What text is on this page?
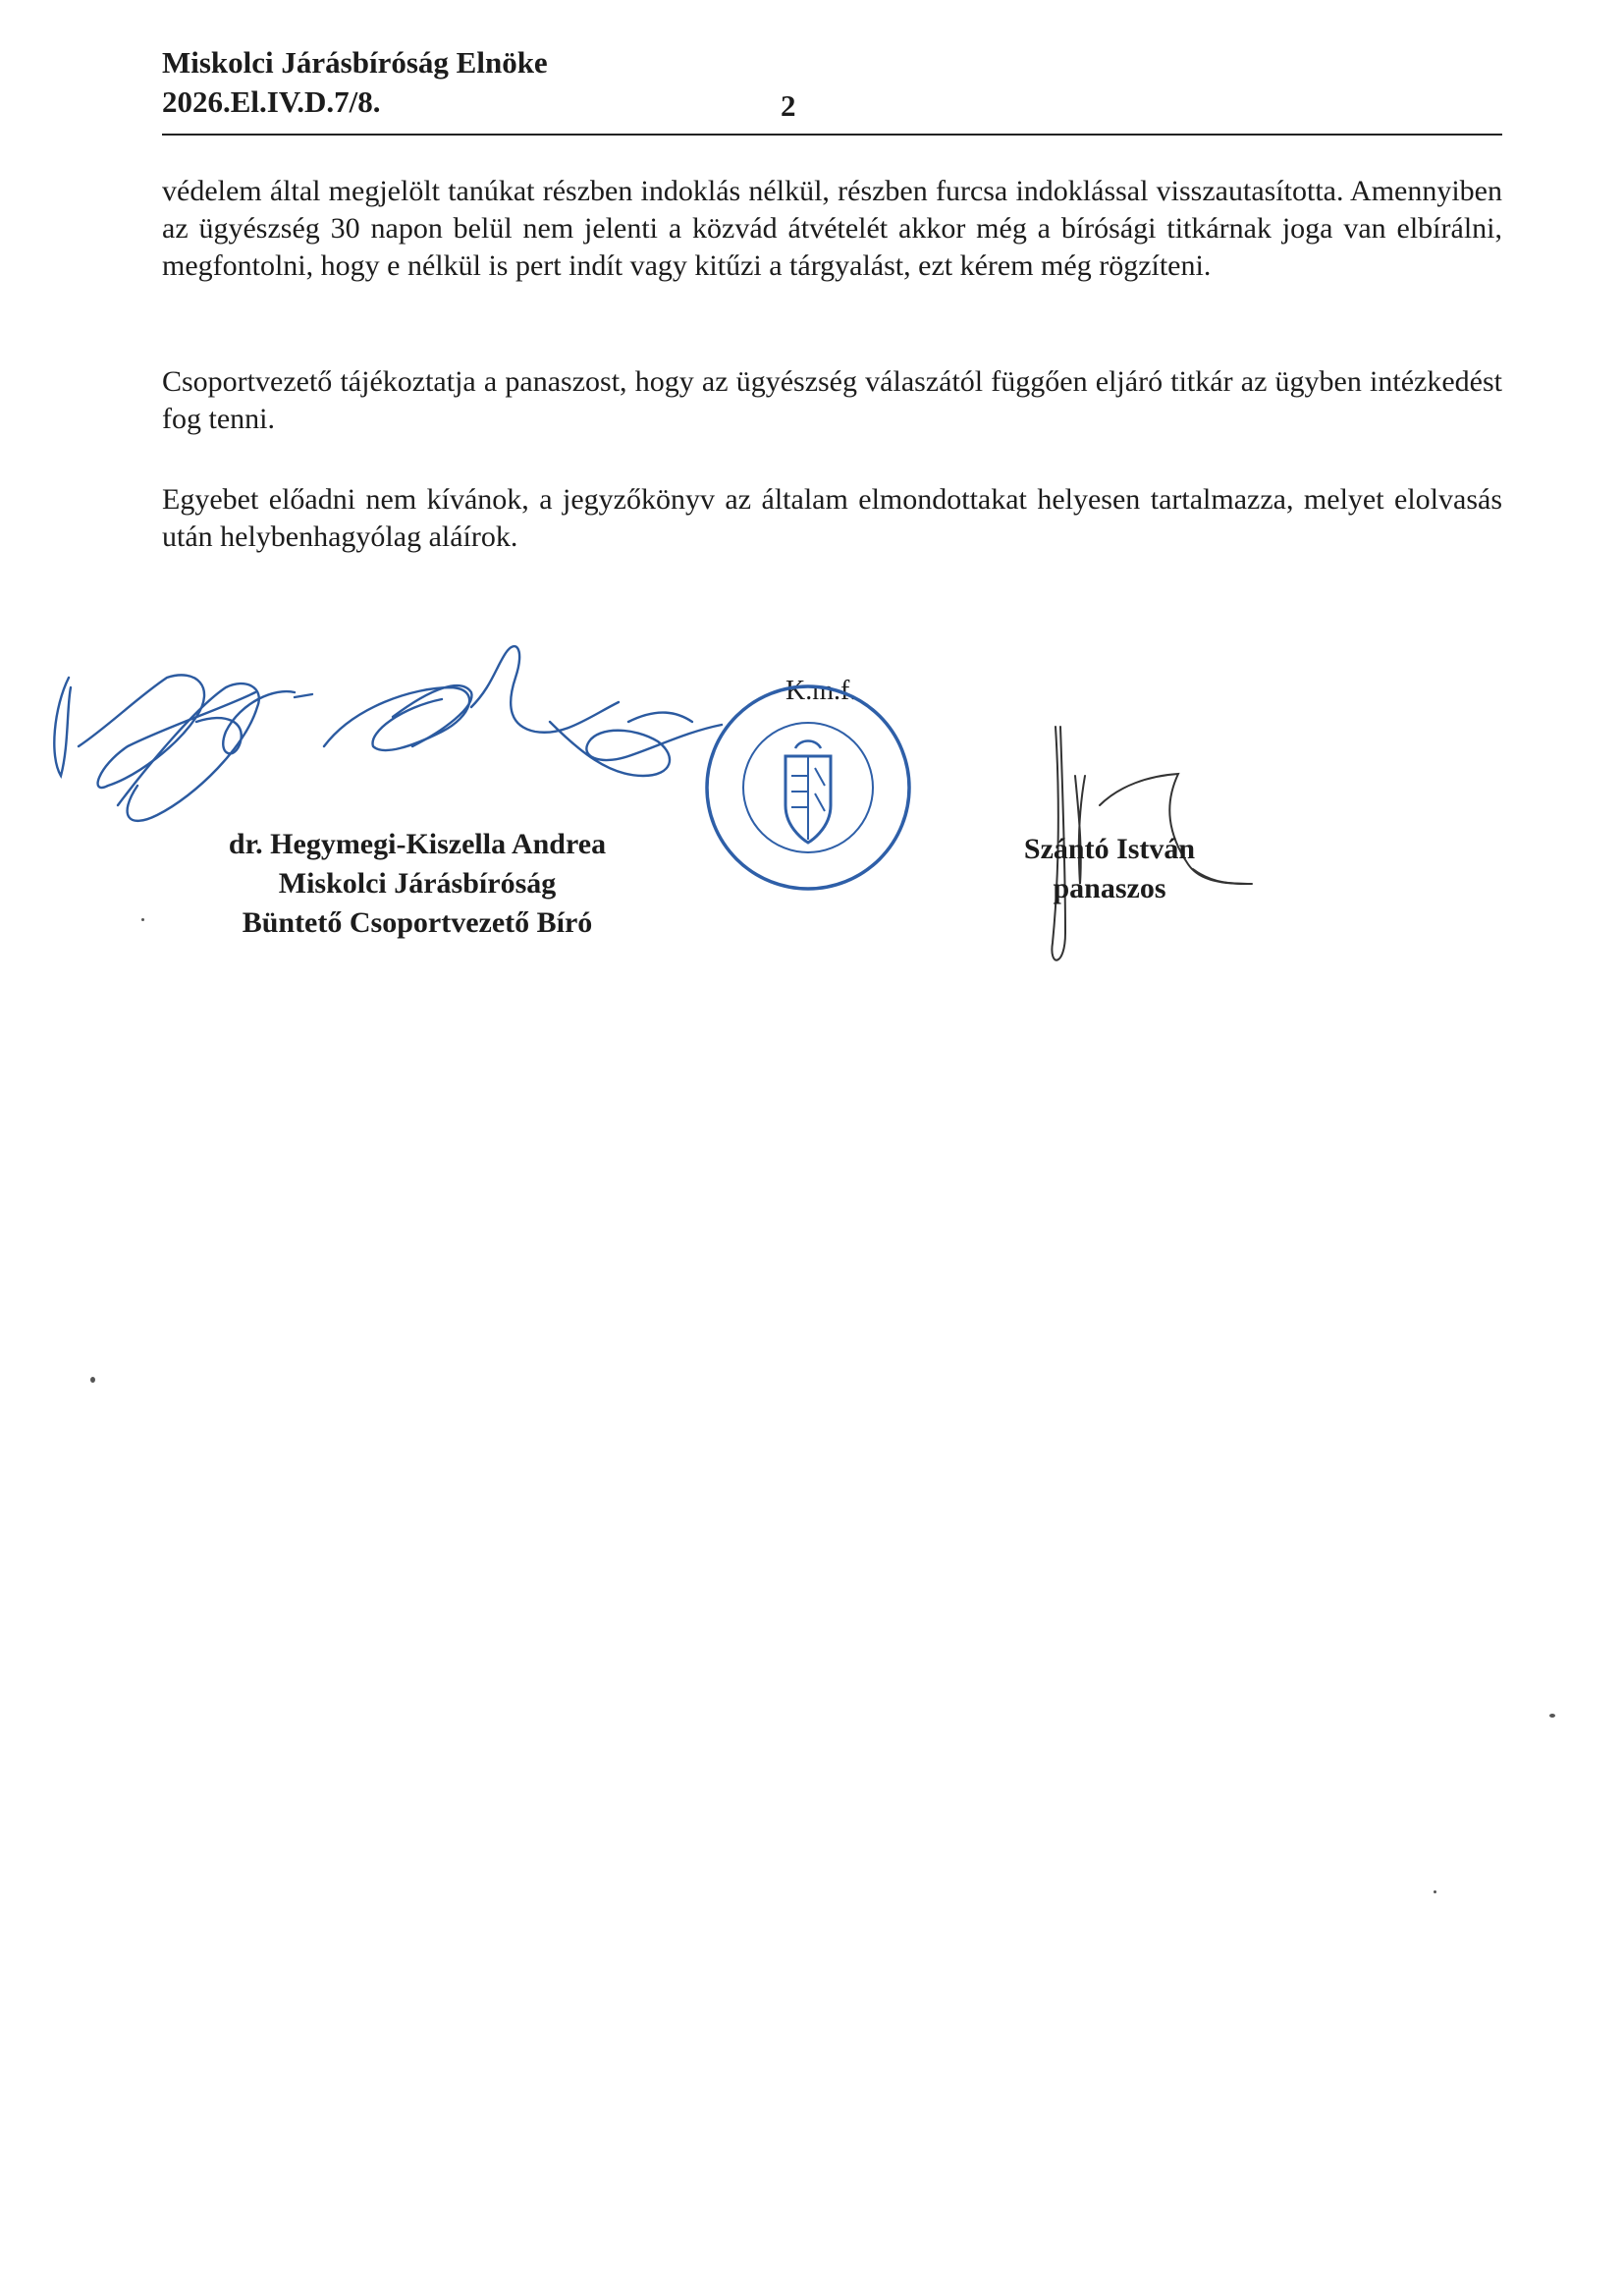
Miskolci Járásbíróság Elnöke
2026.El.IV.D.7/8.	2
védelem által megjelölt tanúkat részben indoklás nélkül, részben furcsa indoklással visszautasította. Amennyiben az ügyészség 30 napon belül nem jelenti a közvád átvételét akkor még a bírósági titkárnak joga van elbírálni, megfontolni, hogy e nélkül is pert indít vagy kitűzi a tárgyalást, ezt kérem még rögzíteni.
Csoportvezető tájékoztatja a panaszost, hogy az ügyészség válaszától függően eljáró titkár az ügyben intézkedést fog tenni.
Egyebet előadni nem kívánok, a jegyzőkönyv az általam elmondottakat helyesen tartalmazza, melyet elolvasás után helybenhagyólag aláírok.
K.m.f.
dr. Hegymegi-Kiszella Andrea
Miskolci Járásbíróság
Büntető Csoportvezető Bíró
Szántó István
panaszos
